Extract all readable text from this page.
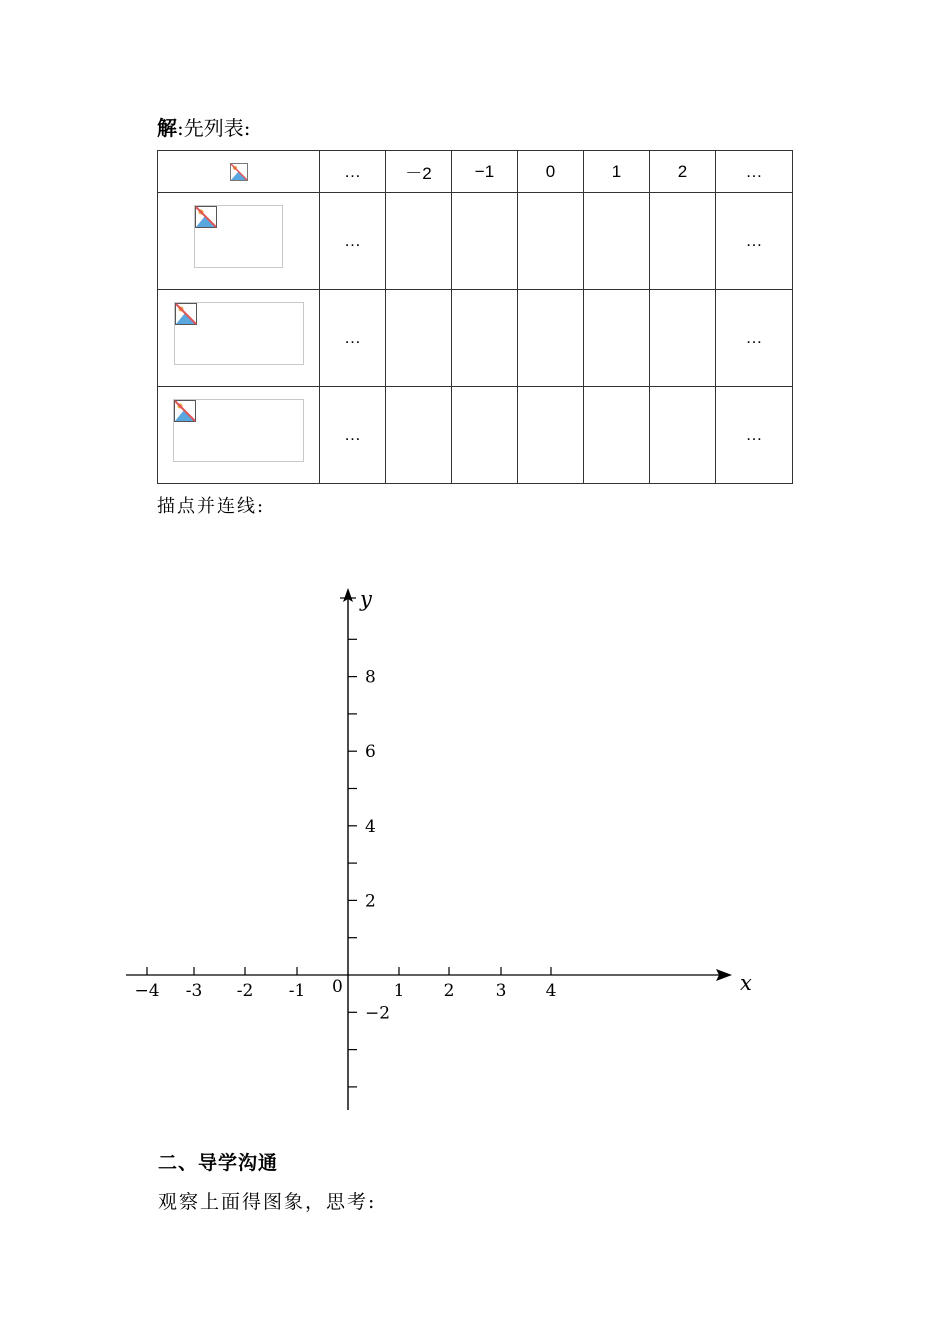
解:先列表:
	…	－2	−1	0	1	2	…

	…						…

	…						…

	…						…
描点并连线:
x
y
0
−4 -3 -2 -1	1 2 3 4
8
6
4
2
−2
二、导学沟通
观察上面得图象，思考:
